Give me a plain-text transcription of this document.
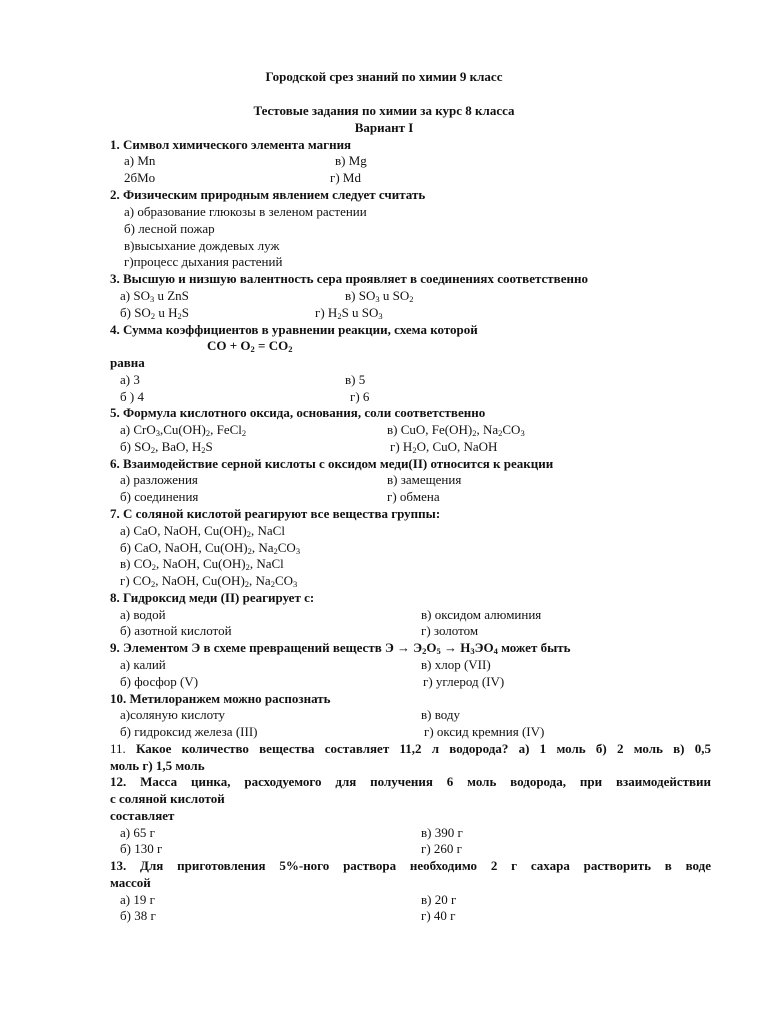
Городской срез знаний по химии 9 класс
Тестовые задания по химии за курс 8 класса
Вариант I
1. Символ химического элемента магния
а) Mn	в) Mg
2бMo	г) Md
2. Физическим природным явлением следует считать
а) образование глюкозы в зеленом растении
б) лесной пожар
в)высыхание дождевых луж
г)процесс дыхания растений
3. Высшую и низшую валентность сера проявляет в соединениях соответственно
а) $SO_3$ u ZnS	в) $SO_3$ u $SO_2$
б) $SO_2$ u $H_2S$	г) $H_2S$ u $SO_3$
4. Сумма коэффициентов в уравнении реакции, схема которой
CO + $O_2 = CO_2$
равна
а) 3	в) 5
б ) 4	г) 6
5. Формула кислотного оксида, основания, соли соответственно
а) $CrO_3,Cu(OH)_2$, FeCl$_2$	в) CuO, $Fe(OH)_2$, $Na_2CO_3$
б) $SO_2$, BaO, $H_2S$	г) $H_2O$, CuO, NaOH
6. Взаимодействие серной кислоты с оксидом меди(II) относится к реакции
а) разложения	в) замещения
б) соединения	г) обмена
7. С соляной кислотой реагируют все вещества группы:
а) CaO, NaOH, $Cu(OH)_2$, NaCl
б) CaO, NaOH, $Cu(OH)_2$, $Na_2CO_3$
в) $CO_2$, NaOH, $Cu(OH)_2$, NaCl
г) $CO_2$, NaOH, $Cu(OH)_2$, $Na_2CO_3$
8. Гидроксид меди (II) реагирует с:
а) водой	в) оксидом алюминия
б) азотной кислотой	г) золотом
9. Элементом Э в схеме превращений веществ $Э \to Э_2O_5 \to H_3ЭO_4$ может быть
а) калий	в) хлор (VII)
б) фосфор (V)	г) углерод (IV)
10. Метилоранжем можно распознать
а)соляную кислоту	в) воду
б) гидроксид железа (III)	г) оксид кремния (IV)
11. Какое количество вещества составляет 11,2 л водорода? а) 1 моль б) 2 моль в) 0,5
моль г) 1,5 моль
12. Масса цинка, расходуемого для получения 6 моль водорода, при взаимодействии
с соляной кислотой
составляет
а) 65 г	в) 390 г
б) 130 г	г) 260 г
13. Для приготовления 5%-ного раствора необходимо 2 г сахара растворить в воде
массой
а) 19 г	в) 20 г
б) 38 г	г) 40 г
